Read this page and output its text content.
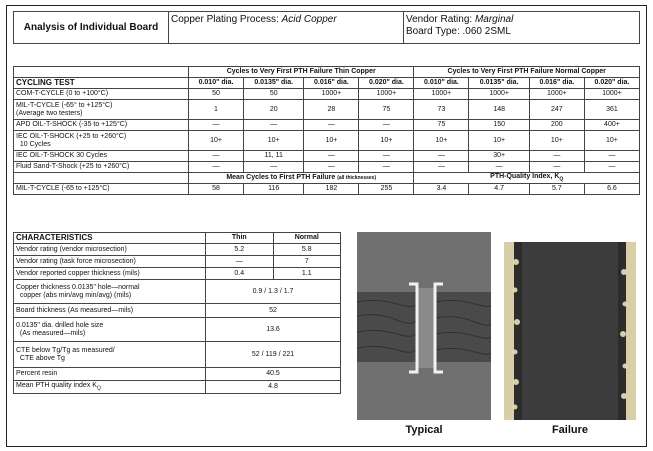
Analysis of Individual Board	Copper Plating Process: Acid Copper	Vendor Rating: Marginal
Board Type: .060 2SML
	Cycles to Very First PTH Failure Thin Copper				Cycles to Very First PTH Failure Normal Copper			
CYCLING TEST	0.010" dia.	0.0135" dia.	0.016" dia.	0.020" dia.	0.010" dia.	0.0135" dia.	0.016" dia.	0.020" dia.
COM-T-CYCLE (0 to +100°C)	50	50	1000+	1000+	1000+	1000+	1000+	1000+
MIL-T-CYCLE (-65° to +125°C)
(Average two testers)	1	20	28	75	73	148	247	361
APD OIL-T-SHOCK (-35 to +125°C)	—	—	—	—	75	150	200	400+
IEC OIL-T-SHOCK (+25 to +260°C)
10 Cycles	10+	10+	10+	10+	10+	10+	10+	10+
IEC OIL-T-SHOCK 30 Cycles	—	11, 11	—	—	—	30+	—	—
Fluid Sand-T-Shock (+25 to +260°C)	—	—	—	—	—	—	—	—
	Mean Cycles to First PTH Failure (all thicknesses)				PTH-Quality Index, $K_Q$
MIL-T-CYCLE (-65 to +125°C)	58	116	182	255	3.4	4.7	5.7	6.6
CHARACTERISTICS	Thin	Normal
Vendor rating (vendor microsection)	5.2	5.8
Vendor rating (task force microsection)	—	7
Vendor reported copper thickness (mils)	0.4	1.1
Copper thickness 0.0135" hole—normal
copper (abs min/avg min/avg) (mils)	0.9 / 1.3 / 1.7	
Board thickness (As measured—mils)	52	
0.0135" dia. drilled hole size
(As measured—mils)	13.6	
CTE below Tg/Tg as measured/
CTE above Tg	52 / 119 / 221	
Percent resin	40.5	
Mean PTH quality index $K_Q$	4.8	
Typical	Failure
